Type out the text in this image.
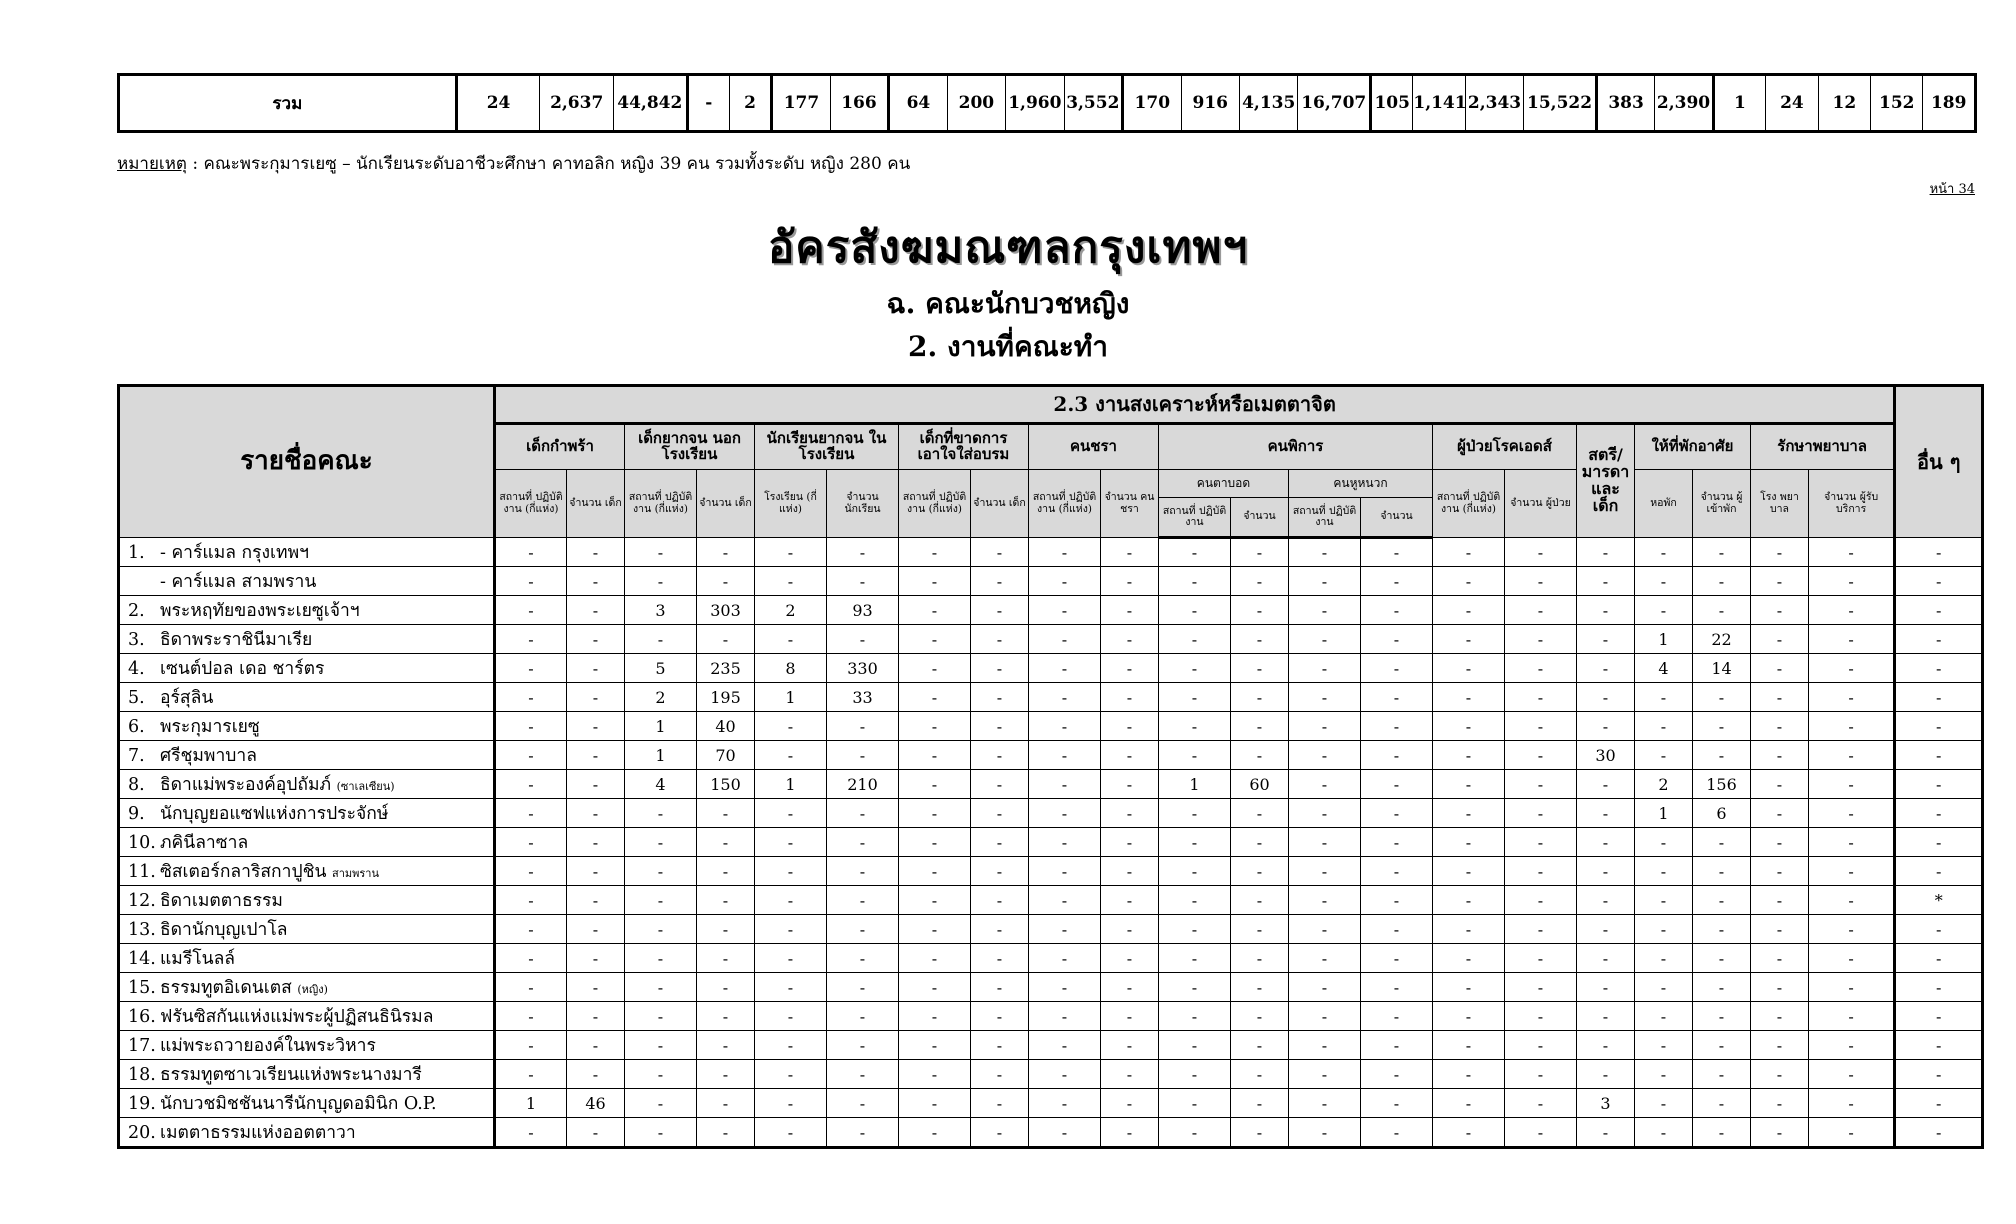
รวม	24	2,637	44,842	-	2	177	166	64	200	1,960	3,552	170	916	4,135	16,707	105	1,141	2,343	15,522	383	2,390	1	24	12	152	189
หมายเหตุ : คณะพระกุมารเยซู – นักเรียนระดับอาชีวะศึกษา คาทอลิก หญิง 39 คน รวมทั้งระดับ หญิง 280 คน
หน้า 34
อัครสังฆมณฑลกรุงเทพฯ
ฉ. คณะนักบวชหญิง
2. งานที่คณะทำ
รายชื่อคณะ	2.3 งานสงเคราะห์หรือเมตตาจิต																					อื่น ๆ
	เด็กกำพร้า		เด็กยากจน นอกโรงเรียน		นักเรียนยากจน ในโรงเรียน		เด็กที่ขาดการ เอาใจใส่อบรม		คนชรา		คนพิการ				ผู้ป่วยโรคเอดส์		สตรี/ มารดา และ เด็ก	ให้ที่พักอาศัย		รักษาพยาบาล		
	สถานที่ ปฏิบัติงาน (กี่แห่ง)	จำนวน เด็ก	สถานที่ ปฏิบัติงาน (กี่แห่ง)	จำนวน เด็ก	โรงเรียน (กี่แห่ง)	จำนวน นักเรียน	สถานที่ ปฏิบัติงาน (กี่แห่ง)	จำนวน เด็ก	สถานที่ ปฏิบัติงาน (กี่แห่ง)	จำนวน คนชรา	คนตาบอด		คนหูหนวก		สถานที่ ปฏิบัติงาน (กี่แห่ง)	จำนวน ผู้ป่วย		หอพัก	จำนวน ผู้เข้าพัก	โรง พยา บาล	จำนวน ผู้รับบริการ	
											สถานที่ ปฏิบัติงาน	จำนวน	สถานที่ ปฏิบัติงาน	จำนวน								
1. - คาร์แมล กรุงเทพฯ	-	-	-	-	-	-	-	-	-	-	-	-	-	-	-	-	-	-	-	-	-	-
- คาร์แมล สามพราน	-	-	-	-	-	-	-	-	-	-	-	-	-	-	-	-	-	-	-	-	-	-
2. พระหฤทัยของพระเยซูเจ้าฯ	-	-	3	303	2	93	-	-	-	-	-	-	-	-	-	-	-	-	-	-	-	-
3. ธิดาพระราชินีมาเรีย	-	-	-	-	-	-	-	-	-	-	-	-	-	-	-	-	-	1	22	-	-	-
4. เซนต์ปอล เดอ ชาร์ตร	-	-	5	235	8	330	-	-	-	-	-	-	-	-	-	-	-	4	14	-	-	-
5. อุร์สุลิน	-	-	2	195	1	33	-	-	-	-	-	-	-	-	-	-	-	-	-	-	-	-
6. พระกุมารเยซู	-	-	1	40	-	-	-	-	-	-	-	-	-	-	-	-	-	-	-	-	-	-
7. ศรีชุมพาบาล	-	-	1	70	-	-	-	-	-	-	-	-	-	-	-	-	30	-	-	-	-	-
8. ธิดาแม่พระองค์อุปถัมภ์ (ซาเลเซียน)	-	-	4	150	1	210	-	-	-	-	1	60	-	-	-	-	-	2	156	-	-	-
9. นักบุญยอแซฟแห่งการประจักษ์	-	-	-	-	-	-	-	-	-	-	-	-	-	-	-	-	-	1	6	-	-	-
10. ภคินีลาซาล	-	-	-	-	-	-	-	-	-	-	-	-	-	-	-	-	-	-	-	-	-	-
11. ซิสเตอร์กลาริสกาปูชิน สามพราน	-	-	-	-	-	-	-	-	-	-	-	-	-	-	-	-	-	-	-	-	-	-
12. ธิดาเมตตาธรรม	-	-	-	-	-	-	-	-	-	-	-	-	-	-	-	-	-	-	-	-	-	*
13. ธิดานักบุญเปาโล	-	-	-	-	-	-	-	-	-	-	-	-	-	-	-	-	-	-	-	-	-	-
14. แมรีโนลล์	-	-	-	-	-	-	-	-	-	-	-	-	-	-	-	-	-	-	-	-	-	-
15. ธรรมทูตอิเดนเตส (หญิง)	-	-	-	-	-	-	-	-	-	-	-	-	-	-	-	-	-	-	-	-	-	-
16. ฟรันซิสกันแห่งแม่พระผู้ปฏิสนธินิรมล	-	-	-	-	-	-	-	-	-	-	-	-	-	-	-	-	-	-	-	-	-	-
17. แม่พระถวายองค์ในพระวิหาร	-	-	-	-	-	-	-	-	-	-	-	-	-	-	-	-	-	-	-	-	-	-
18. ธรรมทูตซาเวเรียนแห่งพระนางมารี	-	-	-	-	-	-	-	-	-	-	-	-	-	-	-	-	-	-	-	-	-	-
19. นักบวชมิชชันนารีนักบุญดอมินิก O.P.	1	46	-	-	-	-	-	-	-	-	-	-	-	-	-	-	3	-	-	-	-	-
20. เมตตาธรรมแห่งออตตาวา	-	-	-	-	-	-	-	-	-	-	-	-	-	-	-	-	-	-	-	-	-	-
